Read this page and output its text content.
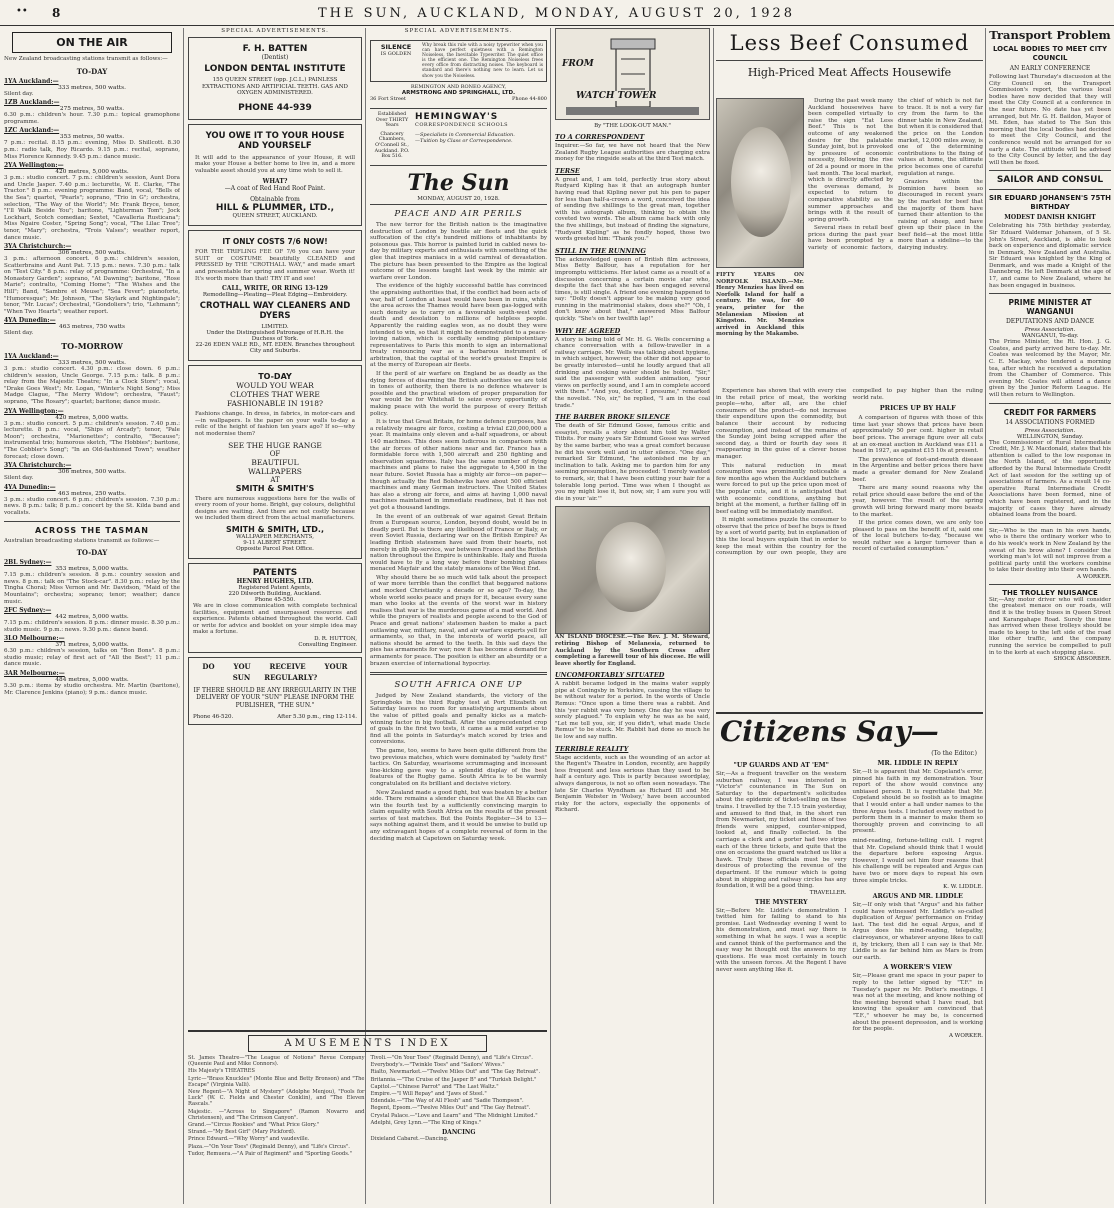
•• 8	THE SUN, AUCKLAND, MONDAY, AUGUST 20, 1928
ON THE AIR
New Zealand broadcasting stations transmit as follows:—
TO-DAY
1YA Auckland:—
333 metres, 500 watts.
Silent day.
1ZB Auckland:—
275 metres, 50 watts.
6.30 p.m.: children's hour. 7.30 p.m.: topical gramophone programme.
1ZC Auckland:—
353 metres, 50 watts.
7 p.m.: recital. 8.15 p.m.: evening, Miss D. Shillcott. 8.30 p.m.: radio talk, Roy Ricardo. 9.15 p.m.: recital, soprano, Miss Florence Kennedy. 9.45 p.m.: dance music.
2YA Wellington:—
420 metres, 5,000 watts.
3 p.m.: studio concert. 7 p.m.: children's session, Aunt Dora and Uncle Jasper. 7.40 p.m.: lecturette, W. E. Clarke, "The Tractor." 8 p.m.: evening programme: Band, vocal, "Bells of the Sea"; quartet, "Pearls"; soprano, "Trio in G"; orchestra, selection, "The Way of the World"; Mr. Frank Bryce, tenor, "I'll Walk Beside You"; baritone, "Lighterman Tom"; Jock Lockhart, Scotch comedian; Sextet, "Cavalleria Rusticana"; Miss Ngaire Coster, "Spring Song"; vocal, "The Lilac Tree"; tenor, "Mary"; orchestra, "Trois Valses"; weather report, dance music.
3YA Christchurch:—
306 metres, 500 watts.
3 p.m.: afternoon concert. 6 p.m.: children's session, Scatterbrains and Aunt Pat. 7.15 p.m.: news. 7.30 p.m.: talk on "Test City." 8 p.m.: relay of programme: Orchestral, "In a Monastery Garden"; soprano, "At Dawning"; baritone, "Rose Marie"; contralto, "Coming Home"; "The Wishes and the Hill"; Band, "Sambre et Meuse"; "Sea Fever"; pianoforte, "Humoresque"; Mr. Johnson, "The Skylark and Nightingale"; tenor, "Mr. Lucas"; Orchestral, "Gondoliers"; trio, "Lehmann"; "When Two Hearts"; weather report.
4YA Dunedin:—
463 metres, 750 watts
Silent day.
TO-MORROW
1YA Auckland:—
333 metres, 500 watts.
3 p.m.: studio concert. 4.30 p.m.: close down. 6 p.m.: children's session, Uncle George. 7.15 p.m.: talk. 8 p.m.: relay from the Majestic Theatre; "In a Clock Store"; vocal, "Drake Goes West"; Mr. Logan, "Winter's Night Song"; Miss Madge Clague, "The Merry Widow"; orchestra, "Faust"; soprano, "The Rosary"; quartet; baritone; dance music.
2YA Wellington:—
420 metres, 5,000 watts.
3 p.m.: studio concert. 5 p.m.: children's session. 7.40 p.m.: lecturette. 8 p.m.: vocal, "Ships of Arcady"; tenor, "Pale Moon"; orchestra, "Marionettes"; contralto, "Because"; instrumental trio; humorous sketch, "The Hobbies"; baritone, "The Cobbler's Song"; "In an Old-fashioned Town"; weather forecast; close down.
3YA Christchurch:—
306 metres, 500 watts.
Silent day.
4YA Dunedin:—
463 metres, 250 watts.
3 p.m.: studio concert. 6 p.m.: children's session. 7.30 p.m.: news. 8 p.m.: talk; 8 p.m.: concert by the St. Kilda band and vocalists.
ACROSS THE TASMAN
Australian broadcasting stations transmit as follows:—
TO-DAY
2BL Sydney:—
353 metres, 5,000 watts.
7.15 p.m.: children's session. 8 p.m.: country session and news. 8 p.m.: talk on "The Stock-car". 8.30 p.m.: relay by the Tingha Choral; Miss Vernon and Mr. Davidson, "Maid of the Mountains"; orchestra; soprano; tenor; weather; dance music.
2FC Sydney:—
442 metres, 5,000 watts.
7.15 p.m.: children's session. 8 p.m.: dinner music. 8.30 p.m.: studio music. 9 p.m.: news. 9.30 p.m.: dance band.
3LO Melbourne:—
371 metres, 5,000 watts.
6.30 p.m.: children's session, talks on "Bon Bons". 8 p.m.: studio music; relay of first act of "All the Best"; 11 p.m.: dance music.
3AR Melbourne:—
484 metres, 5,000 watts.
5.30 p.m.: items by studio orchestra. Mr. Martin (baritone), Mr. Clarence Jenkins (piano); 9 p.m.: dance music.
SPECIAL ADVERTISEMENTS.
F. H. BATTEN
(Dentist)
LONDON DENTAL INSTITUTE
155 QUEEN STREET (opp. J.C.L.) PAINLESS EXTRACTIONS AND ARTIFICIAL TEETH. GAS AND OXYGEN ADMINISTERED.
PHONE 44-939
YOU OWE IT TO YOUR HOUSE AND YOURSELF
It will add to the appearance of your House, it will make your House a better home to live in, and a more valuable asset should you at any time wish to sell it.
WHAT?
—A coat of Red Hand Roof Paint.
Obtainable from
HILL & PLUMMER, LTD.,
QUEEN STREET, AUCKLAND.
IT ONLY COSTS 7/6 NOW!
FOR THE TRIFLING FEE OF 7/6 you can have your SUIT or COSTUME beautifully CLEANED and PRESSED by THE "CROTHALL WAY," and made smart and presentable for spring and summer wear. Worth it! It's worth more than that! TRY IT and see!
CALL, WRITE, OR RING 13-129
Remodelling—Pleating—Pleat Edging—Embroidery.
CROTHALL WAY CLEANERS AND DYERS
LIMITED.
Under the Distinguished Patronage of H.R.H. the Duchess of York.
22-26 EDEN VALE RD., MT. EDEN. Branches throughout City and Suburbs.
TO-DAY
WOULD YOU WEAR
CLOTHES THAT WERE
FASHIONABLE IN 1918?
Fashions change. In dress, in fabrics, in motor-cars and—in wallpapers. Is the paper on your walls to-day a relic of the height of fashion ten years ago? If so—why not modernise them?
SEE THE HUGE RANGE
OF
BEAUTIFUL
WALLPAPERS
AT
SMITH & SMITH'S
There are numerous suggestions here for the walls of every room of your home. Bright, gay colours, delightful designs are waiting. And there are not costly because we included them direct from the actual manufacturers.
SMITH & SMITH, LTD.,
WALLPAPER MERCHANTS,
9-11 ALBERT STREET.
Opposite Parcel Post Office.
PATENTS
HENRY HUGHES, LTD.
Registered Patent Agents,
220 Dilworth Building, Auckland.
Phone 45-550.
We are in close communication with complete technical facilities, equipment and unsurpassed resources and experience. Patents obtained throughout the world. Call or write for advice and booklet on your simple idea may make a fortune.
D. R. HUTTON,
Consulting Engineer.
DO	YOU	RECEIVE	YOUR
SUN REGULARLY?
IF THERE SHOULD BE ANY IRREGULARITY IN THE DELIVERY OF YOUR "SUN" PLEASE INFORM THE PUBLISHER, "THE SUN."
Phone 46-520.	After 5.30 p.m., ring 12-114.
SPECIAL ADVERTISEMENTS.
SILENCE
IS GOLDEN
Why break this rule with a noisy typewriter when you can have perfect quietness with a Remington Noiseless, the Inevitable Typewriter. The quiet office is the efficient one. The Remington Noiseless frees every office from distracting noises. The keyboard is standard and there's nothing new to learn. Let us show you the Noiseless.
REMINGTON AND RONEO AGENCY,
ARMSTRONG AND SPRINGHALL, LTD.
36 Fort Street	Phone 44-800
Established Over THIRTY Years
Chancery Chambers, O'Connell St., Auckland. P.O. Box 516.
HEMINGWAY'S
CORRESPONDENCE SCHOOLS
—Specialists in Commercial Education.
—Tuition by Class or Correspondence.
The Sun
MONDAY, AUGUST 20, 1928.
PEACE AND AIR PERILS

The new terror for the British nation is the imaginative destruction of London by hostile air fleets and the quick suffocation of the city's hundred millions of inhabitants by poisonous gas. This horror is painted lurid in cabled news to-day by military experts and enthusiasts with something of the glee that inspires maniacs in a wild carnival of devastation. The picture has been presented to the Empire as the logical outcome of the lessons taught last week by the mimic air warfare over London.

The evidence of the highly successful battle has convinced the appraising authorities that, if the conflict had been acts of war, half of London at least would have been in ruins, while the area across the Thames would have been gas-logged with such density as to carry on a favourable south-west wind death and desolation to millions of helpless people. Apparently the raiding eagles won, as no doubt they were intended to win, so that it might be demonstrated to a peace-loving nation, which is cordially sending plenipotentiary representatives to Paris this month to sign an international treaty renouncing war as a barbarous instrument of arbitration, that the capital of the world's greatest Empire is at the mercy of European air fleets.

If the peril of air warfare on England be as deadly as the dying forces of disarming the British authorities we are told in tones of authority, then there is no defence whatever is possible and the practical wisdom of proper preparation for war would be for Whitehall to seize every opportunity of making peace with the world the purpose of every British policy.

It is true that Great Britain, for home defence purposes, has a relatively meagre air force, costing a trivial £20,000,000 a year. It maintains only eleven and a-half squadrons, or about 140 machines. This does seem ludicrous in comparison with the air forces of other nations near and far. France has a formidable force with 1,500 aircraft and 250 fighting and observation squadrons. Italy has the same number of flying machines and plans to raise the aggregate to 4,500 in the near future. Soviet Russia has a mighty air force—on paper—though actually the Red Bolsheviks have about 500 efficient machines and many German instructors. The United States has also a strong air force, and aims at having 1,000 naval machines maintained in immediate readiness, but it has not yet got a thousand landings.

In the event of an outbreak of war against Great Britain from a European source, London, beyond doubt, would be in deadly peril. But is there any likelihood of France or Italy, or even Soviet Russia, declaring war on the British Empire? As leading British statesmen have said from their hearts, not merely in glib lip-service, war between France and the British nation throughout the Empire is unthinkable. Italy and Russia would have to fly a long way before their bombing planes menaced Mayfair and the stately mansions of the West End.

Why should there be so much wild talk about the prospect of war more terrible than the conflict that beggared nations and mocked Christianity a decade or so ago? To-day, the whole world seeks peace and prays for it, because every sane man who looks at the events of the worst war in history realises that war is the murderous game of a mad world. And while the prayers of realists and people ascend to the God of Peace and great nations' statesmen hasten to make a pact outlawing war, military, naval, and air warfare experts yell for armaments, so that, in the interests of world peace, all nations should be armed to the teeth. In this sad days the pies has armaments for war; now it has become a demand for armaments for peace. The position is either an absurdity or a brazen exercise of international hypocrisy.

SOUTH AFRICA ONE UP

Judged by New Zealand standards, the victory of the Springboks in the third Rugby test at Port Elizabeth on Saturday leaves no room for unsatisfying arguments about the value of pitted goals and penalty kicks as a match-winning factor in big football. After the unprecedented crop of goals in the first two tests, it came as a mild surprise to find all the points in Saturday's match scored by tries and conversions.

The game, too, seems to have been quite different from the two previous matches, which were dominated by "safety first" tactics. On Saturday, wearisome scrummaging and incessant line-kicking gave way to a splendid display of the best features of the Rugby game. South Africa is to be warmly congratulated on its brilliant and decisive victory.

New Zealand made a good fight, but was beaten by a better side. There remains a slender chance that the All Blacks can win the fourth test by a sufficiently convincing margin to claim equality with South Africa on the results of the present series of test matches. But the Points Register—34 to 13—says nothing against them, and it would be unwise to build up any extravagant hopes of a complete reversal of form in the deciding match at Capetown on Saturday week.

AMUSEMENTS INDEX
St. James Theatre—"The League of Notions" Revue Company (Queenie Paul and Mike Connors).
His Majesty's THEATRES
Lyric—"Brass Knuckles" (Monte Blue and Betty Bronson) and "The Escape" (Virginia Valli).
New Regent—"A Night of Mystery" (Adolphe Menjou), "Fools for Luck" (W. C. Fields and Chester Conklin), and "The Eleven Rascals."
Majestic. —"Across to Singapore" (Ramon Novarro and Christensen), and "The Crimson Canyon".
Grand.—"Circus Rookies" and "What Price Glory."
Strand.—"My Best Girl" (Mary Pickford).
Prince Edward.—"Why Worry" and vaudeville.
Plaza.—"On Your Toes" (Reginald Denny), and "Life's Circus".
Tudor, Remuera.—"A Pair of Regiment" and "Sporting Goods."
Tivoli.—"On Your Toes" (Reginald Denny), and "Life's Circus".
Everybody's.—"Twinkle Toes" and "Sailors' Wives."
Rialto, Newmarket.—"Twelve Miles Out" and "The Gay Retreat".
Britannia.—"The Cruise of the Jasper B" and "Turkish Delight."
Capitol.—"Chinese Parrot" and "The Last Waltz."
Empire.—"I Will Repay" and "Jaws of Steel."
Edendale.—"The Way of All Flesh" and "Sadie Thompson".
Regent, Epsom.—"Twelve Miles Out" and "The Gay Retreat".
Crystal Palace.—"Love and Learn" and "The Midnight Limited."
Adelphi, Grey Lynn.—"The King of Kings."
DANCING
Dixieland Cabaret.—Dancing.
FROM
WATCH TOWER
By "THE LOOK-OUT MAN."
TO A CORRESPONDENT
Inquirer.—So far, we have not heard that the New Zealand Rugby League authorities are charging extra money for the ringside seats at the third Test match.
TERSE
A great and, I am told, perfectly true story about Rudyard Kipling has it that an autograph hunter having read that Kipling never put his pen to paper for less than half-a-crown a word, conceived the idea of sending five shillings to the great man, together with his autograph album, thinking to obtain the coveted two words. The album came back with only the five shillings, but instead of finding the signature, "Rudyard Kipling" as he fondly hoped, those two words greeted him: "Thank you."
STILL IN THE RUNNING
The acknowledged queen of British film actresses, Miss Betty Balfour, has a reputation for her impromptu witticisms. Her latest came as a result of a discussion concerning a certain movie star who, despite the fact that she has been engaged several times, is still single. A friend one evening happened to say: "Dolly doesn't appear to be making very good running in the matrimonial stakes, does she?" "Oh, I don't know about that," answered Miss Balfour quickly. "She's on her twelfth lap!"
WHY HE AGREED
A story is being told of Mr. H. G. Wells concerning a chance conversation with a fellow-traveller in a railway carriage. Mr. Wells was talking about hygiene, in which subject, however, the other did not appear to be greatly interested—until he loudly argued that all drinking and cooking water should be boiled. "Sir," said the passenger with sudden animation, "your views on perfectly sound, and I am in complete accord with them." "And you, doctor, I presume," remarked the novelist. "No, sir," he replied, "I am in the coal trade."
THE BARBER BROKE SILENCE
The death of Sir Edmund Gosse, famous critic and essayist, recalls a story about him told by Walter Titbits. For many years Sir Edmund Gosse was served by the same barber, who was a great comfort because he did his work well and in utter silence. "One day," remarked Sir Edmund, "he astonished me by an inclination to talk. Asking me to pardon him for any seeming presumption, he proceeded: 'I merely wanted to remark, sir, that I have been cutting your hair for a tolerable long period. Time was when I thought as you my might lose it, but now, sir, I am sure you will die in your 'air.'"
AN ISLAND DIOCESE.—The Rev. J. M. Steward, retiring Bishop of Melanesia, returned to Auckland by the Southern Cross after completing a farewell tour of his diocese. He will leave shortly for England.
UNCOMFORTABLY SITUATED
A rabbit became lodged in the mains water supply pipe at Coningsby in Yorkshire, causing the village to be without water for a period. In the words of Uncle Remus: "Once upon a time there was a rabbit. And this 'yer rabbit was very boney. One day he was very sorely plagued." To explain why he was as he said, "Let me tell you, sir, if you didn't, what made Uncle Remus" to be stuck. Mr. Rabbit had done so much he lie low and say nuffin.
TERRIBLE REALITY
Stage accidents, such as the wounding of an actor at the Regent's Theatre in London, recently, are happily less frequent and less serious than they used to be half a century ago. This is partly because swordplay, always dangerous, is not so often seen nowadays. The late Sir Charles Wyndham as Richard III and Mr. Benjamin Webster in 'Wolsey,' have been accounted risky for the actors, especially the opponents of Richard.
FIFTY YEARS ON NORFOLK ISLAND.—Mr. Henry Menzies has lived on Norfolk Island for half a century. He was, for 40 years, printer for the Melanesian Mission at Kingston. Mr. Menzies arrived in Auckland this morning by the Makambo.
Less Beef Consumed
High-Priced Meat Affects Housewife

During the past week many Auckland housewives have been compelled virtually to raise the sign "Eat Less Beef." This is not the outcome of any weakened desire for the palatable Sunday joint, but is provoked by pressure of economic necessity, following the rise of 2d a pound or more in the last month. The local market, which is directly affected by the overseas demand, is expected to return to comparative stability as the summer approaches and brings with it the result of spring growth.

Several rises in retail beef prices during the past year have been prompted by a variety of economic factors, the chief of which is not far to trace. It is not a very far cry from the farm to the dinner table in New Zealand, but when it is considered that the price on the London market, 12,000 miles away, is one of the determining contributions to the fixing of values at home, the ultimate price becomes one of careful regulation at range.

Graziers within the Dominion have been so discouraged in recent years by the market for beef that the majority of them have turned their attention to the raising of sheep, and have given up their place in the beef field—at the most little more than a sideline—to the dairying industry.

Experience has shown that with every rise in the retail price of meat, the working people—who, after all, are the chief consumers of the product—do not increase their expenditure upon the commodity, but balance their account by reducing consumption, and instead of the remains of the Sunday joint being scrapped after the second day, a third or fourth day sees it reappearing in the guise of a clever house manager.

This natural reduction in meat consumption was prominently noticeable a few months ago when the Auckland butchers were forced to put up the price upon most of the popular cuts, and it is anticipated that with economic conditions, anything but bright at the moment, a further falling off in beef eating will be immediately manifest.

It might sometimes puzzle the consumer to observe that the price of beef he buys is fixed by a sort of world parity, but in explanation of this the local buyers explain that in order to keep the meat within the country for the consumption by our own people, they are compelled to pay higher than the ruling world rate.

PRICES UP BY HALF

A comparison of figures with those of this time last year shows that prices have been approximately 50 per cent. higher in retail beef prices. The average figure over all cuts at an ox-meat auction in Auckland was £11 a head in 1927, as against £15 10s at present.

The prevalence of foot-and-mouth disease in the Argentine and better prices there have made a greater demand for New Zealand beef.

There are many sound reasons why the retail price should ease before the end of the year, however. The result of the spring growth will bring forward many more beasts to the market.

If the price comes down, we are only too pleased to pass on the benefit of it, said one of the local butchers to-day, "because we would rather see a larger turnover than a record of curtailed consumption."

Citizens Say—
(To the Editor.)
"UP GUARDS AND AT 'EM"
Sir,—As a frequent traveller on the western suburban railway, I was interested in "Victor's" countenance in The Sun on Saturday to the department's solicitudes about the epidemic of ticket-selling on these trains. I travelled by the 7.15 train yesterday, and amused to find that, in the short run from Newmarket, my ticket and those of two friends were snipped, counter-snipped, looked at, and finally collected. In the carriage a clerk and a porter had two strips each of the three tickets, and quite that the one on occasions the guard watched us like a hawk. Truly these officials must be very desirous of protecting the revenue of the department. If the rumour which is going about in shipping and railway circles has any foundation, it will be a good thing.
TRAVELLER.
THE MYSTERY
Sir,—Before Mr. Liddle's demonstration I twitted him for failing to stand to his promise. Last Wednesday evening I went to his demonstration, and must say there is something in what he says. I was a sceptic and cannot think of the performance and the easy way he thought out the answers to my questions. He was most certainly in touch with the unseen forces. At the Regent I have never seen anything like it.
MR. LIDDLE IN REPLY
Sir,—It is apparent that Mr. Copeland's error, pinned his faith in my demonstration. Your report of the show would convince any unbiased person. It is regrettable that Mr. Copeland should be so foolish as to imagine that I would enter a hall under names to the three Argus tests. I included every method to perform them in a manner to make them so thoroughly proven and convincing to all present.
mind-reading, fortune-telling cult. I regret that Mr. Copeland should think that I would the departure before exposing Argus. However, I would set him four reasons that his challenge will be repeated and Argus can have two or more days to repeat his own three simple tricks.
K. W. LIDDLE.
ARGUS AND MR. LIDDLE
Sir,—If only wish that "Argus" and his father could have witnessed Mr. Liddle's so-called duplication of Argus' performance on Friday last. The test did he equal Argus, and if Argus does his mind-reading, telepathy, clairvoyance, or whatever anyone likes to call it, by trickery, then all I can say is that Mr. Liddle is as far behind him as Mars is from our earth.
A WORKER'S VIEW
Sir,—Please grant me space in your paper to reply to the letter signed by "T.F." in Tuesday's paper re Mr. Potter's meetings. I was not at the meeting, and know nothing of the meeting beyond what I have read, but knowing the speaker am convinced that "T.F.," whoever he may be, is concerned about the present depression, and is working for the people.
A WORKER.
Transport Problem
LOCAL BODIES TO MEET CITY COUNCIL
AN EARLY CONFERENCE
Following last Thursday's discussion at the City Council on the Transport Commission's report, the various local bodies have now decided that they will meet the City Council at a conference in the near future. No date has yet been arranged, but Mr. G. H. Baildon, Mayor of Mt. Eden, has stated to The Sun this morning that the local bodies had decided to meet the City Council, and the conference would not be arranged for so early a date. The attitude will be advised to the City Council by letter, and the day will then be fixed.
SAILOR AND CONSUL
SIR EDUARD JOHANSEN'S 75TH BIRTHDAY
MODEST DANISH KNIGHT
Celebrating his 75th birthday yesterday, Sir Eduard Valdemar Johansen, of 5 St. John's Street, Auckland, is able to look back on experience and diplomatic service in Denmark, New Zealand and Australia. Sir Eduard was knighted by the King of Denmark, and was made a Knight of the Dannebrog. He left Denmark at the age of 17, and came to New Zealand, where he has been engaged in business.
PRIME MINISTER AT WANGANUI
DEPUTATIONS AND DANCE
Press Association.
WANGANUI, To-day.
The Prime Minister, the Rt. Hon. J. G. Coates, and party arrived here to-day. Mr. Coates was welcomed by the Mayor, Mr. C. E. Mackay, who tendered a morning tea, after which he received a deputation from the Chamber of Commerce. This evening Mr. Coates will attend a dance given by the Junior Reform League. He will then return to Wellington.
CREDIT FOR FARMERS
14 ASSOCIATIONS FORMED
Press Association.
WELLINGTON, Sunday.
The Commissioner of Rural Intermediate Credit, Mr. J. W. Macdonald, states that his attention is called to the low response in the North Island, of the opportunity afforded by the Rural Intermediate Credit Act of last session for the setting up of associations of farmers. As a result 14 co-operative Rural Intermediate Credit Associations have been formed, nine of which have been registered, and in the majority of cases they have already obtained loans from the board.
Sir,—Who is the man in his own hands, who is there the ordinary worker who to do his week's work in New Zealand by the sweat of his brow alone? I consider the working man's lot will not improve from a political party until the workers combine to take their destiny into their own hands.
A WORKER.
THE TROLLEY NUISANCE
Sir,—Any motor driver who will consider the greatest menace on our roads, will find it is the trolley buses in Queen Street and Karangahape Road. Surely the time has arrived when these trolleys should be made to keep to the left side of the road like other traffic, and the company running the service be compelled to pull in to the kerb at each stopping place.
SHOCK ABSORBER.
